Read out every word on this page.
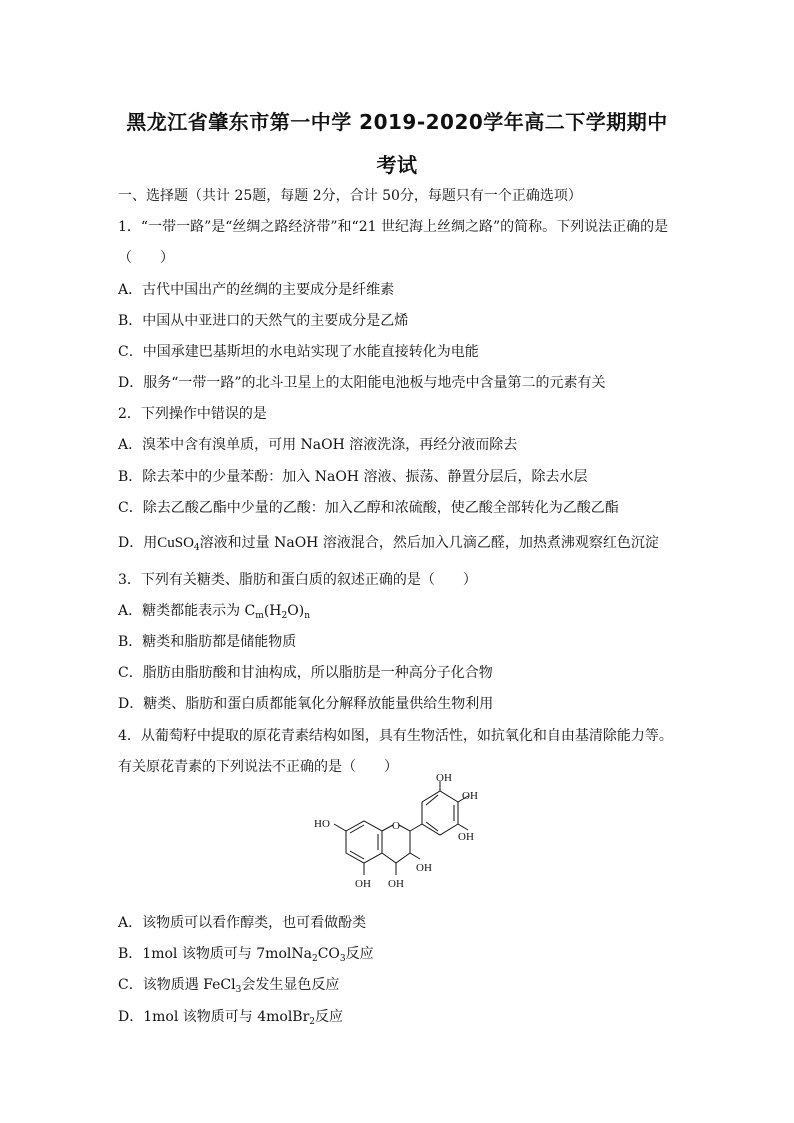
黑龙江省肇东市第一中学 2019-2020学年高二下学期期中
考试
一、选择题（共计 25题，每题 2分，合计 50分，每题只有一个正确选项）
1．“一带一路”是“丝绸之路经济带”和“21 世纪海上丝绸之路”的简称。下列说法正确的是
（　　）
A．古代中国出产的丝绸的主要成分是纤维素
B．中国从中亚进口的天然气的主要成分是乙烯
C．中国承建巴基斯坦的水电站实现了水能直接转化为电能
D．服务“一带一路”的北斗卫星上的太阳能电池板与地壳中含量第二的元素有关
2．下列操作中错误的是
A．溴苯中含有溴单质，可用 NaOH 溶液洗涤，再经分液而除去
B．除去苯中的少量苯酚：加入 NaOH 溶液、振荡、静置分层后，除去水层
C．除去乙酸乙酯中少量的乙酸：加入乙醇和浓硫酸，使乙酸全部转化为乙酸乙酯
D．用CuSO$_4$溶液和过量 NaOH 溶液混合，然后加入几滴乙醛，加热煮沸观察红色沉淀
3．下列有关糖类、脂肪和蛋白质的叙述正确的是（　　）
A．糖类都能表示为 $C_m(H_2O)_n$
B．糖类和脂肪都是储能物质
C．脂肪由脂肪酸和甘油构成，所以脂肪是一种高分子化合物
D．糖类、脂肪和蛋白质都能氧化分解释放能量供给生物利用
4．从葡萄籽中提取的原花青素结构如图，具有生物活性，如抗氧化和自由基清除能力等。
有关原花青素的下列说法不正确的是（　　）
OH
OH
OH
HO	O
OH OH
OH
A．该物质可以看作醇类，也可看做酚类
B．1mol 该物质可与 $7molNa_2CO_3$反应
C．该物质遇 FeCl$_3$会发生显色反应
D．1mol 该物质可与 4molBr$_2$反应
